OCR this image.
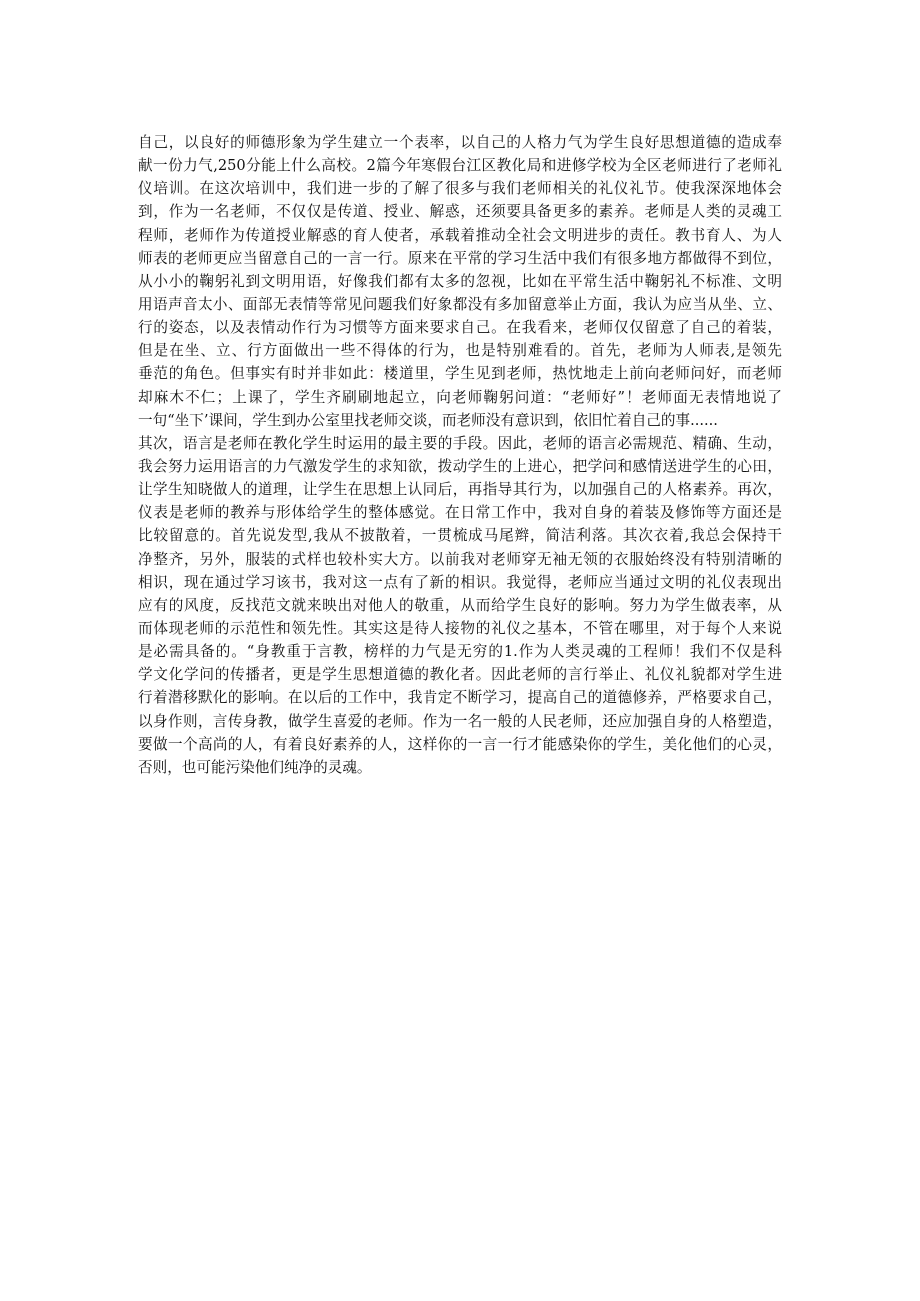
自己，以良好的师德形象为学生建立一个表率，以自己的人格力气为学生良好思想道德的造成奉
献一份力气,250分能上什么高校。2篇今年寒假台江区教化局和进修学校为全区老师进行了老师礼
仪培训。在这次培训中，我们进一步的了解了很多与我们老师相关的礼仪礼节。使我深深地体会
到，作为一名老师，不仅仅是传道、授业、解惑，还须要具备更多的素养。老师是人类的灵魂工
程师，老师作为传道授业解惑的育人使者，承载着推动全社会文明进步的责任。教书育人、为人
师表的老师更应当留意自己的一言一行。原来在平常的学习生活中我们有很多地方都做得不到位，
从小小的鞠躬礼到文明用语，好像我们都有太多的忽视，比如在平常生活中鞠躬礼不标准、文明
用语声音太小、面部无表情等常见问题我们好象都没有多加留意举止方面，我认为应当从坐、立、
行的姿态，以及表情动作行为习惯等方面来要求自己。在我看来，老师仅仅留意了自己的着装，
但是在坐、立、行方面做出一些不得体的行为，也是特别难看的。首先，老师为人师表,是领先
垂范的角色。但事实有时并非如此：楼道里，学生见到老师，热忱地走上前向老师问好，而老师
却麻木不仁；上课了，学生齐刷刷地起立，向老师鞠躬问道：“老师好”！老师面无表情地说了
一句“坐下’课间，学生到办公室里找老师交谈，而老师没有意识到，依旧忙着自己的事......
其次，语言是老师在教化学生时运用的最主要的手段。因此，老师的语言必需规范、精确、生动，
我会努力运用语言的力气激发学生的求知欲，拨动学生的上进心，把学问和感情送进学生的心田，
让学生知晓做人的道理，让学生在思想上认同后，再指导其行为，以加强自己的人格素养。再次，
仪表是老师的教养与形体给学生的整体感觉。在日常工作中，我对自身的着装及修饰等方面还是
比较留意的。首先说发型,我从不披散着，一贯梳成马尾辫，简洁利落。其次衣着,我总会保持干
净整齐，另外，服装的式样也较朴实大方。以前我对老师穿无袖无领的衣服始终没有特别清晰的
相识，现在通过学习该书，我对这一点有了新的相识。我觉得，老师应当通过文明的礼仪表现出
应有的风度，反找范文就来映出对他人的敬重，从而给学生良好的影响。努力为学生做表率，从
而体现老师的示范性和领先性。其实这是待人接物的礼仪之基本，不管在哪里，对于每个人来说
是必需具备的。“身教重于言教，榜样的力气是无穷的1.作为人类灵魂的工程师！我们不仅是科
学文化学问的传播者，更是学生思想道德的教化者。因此老师的言行举止、礼仪礼貌都对学生进
行着潜移默化的影响。在以后的工作中，我肯定不断学习，提高自己的道德修养，严格要求自己，
以身作则，言传身教，做学生喜爱的老师。作为一名一般的人民老师，还应加强自身的人格塑造，
要做一个高尚的人，有着良好素养的人，这样你的一言一行才能感染你的学生，美化他们的心灵，
否则，也可能污染他们纯净的灵魂。
